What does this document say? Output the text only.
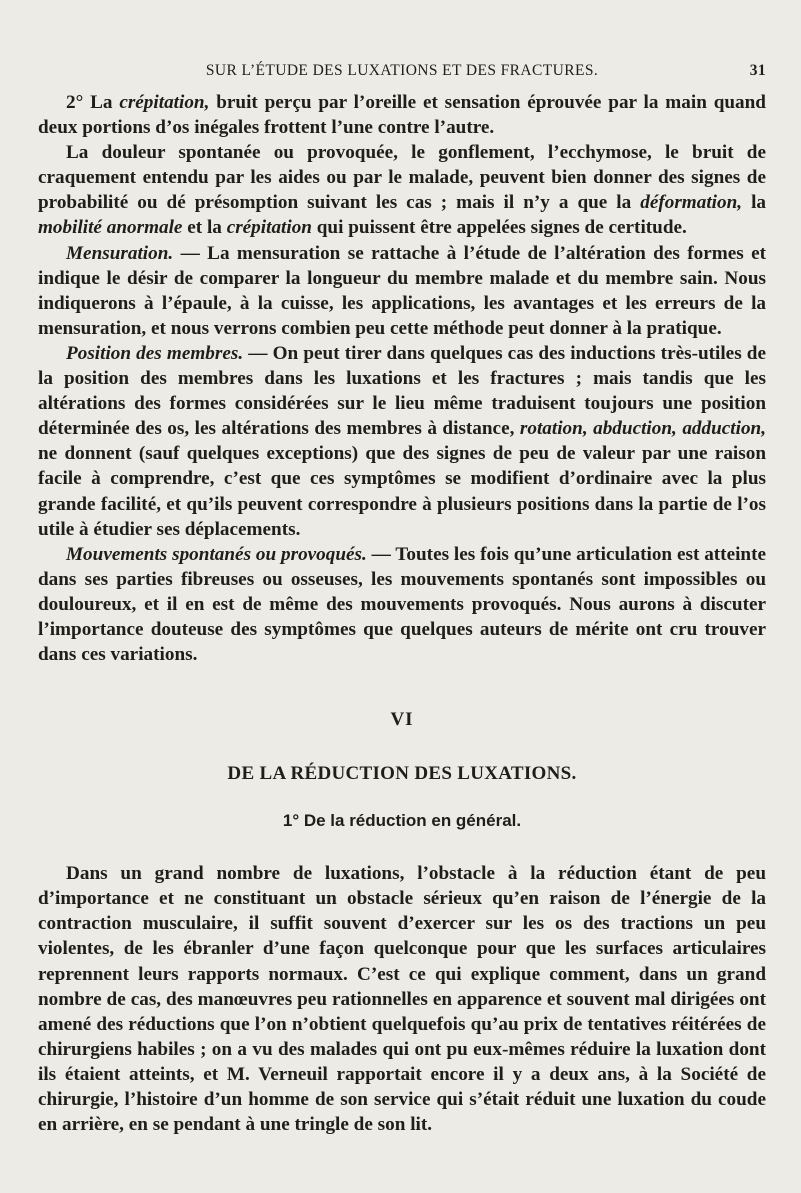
SUR L’ÉTUDE DES LUXATIONS ET DES FRACTURES.	31

2° La crépitation, bruit perçu par l’oreille et sensation éprouvée par la main quand deux portions d’os inégales frottent l’une contre l’autre.

La douleur spontanée ou provoquée, le gonflement, l’ecchymose, le bruit de craquement entendu par les aides ou par le malade, peuvent bien donner des signes de probabilité ou dé présomption suivant les cas ; mais il n’y a que la déformation, la mobilité anormale et la crépitation qui puissent être appelées signes de certitude.

Mensuration. — La mensuration se rattache à l’étude de l’altération des formes et indique le désir de comparer la longueur du membre malade et du membre sain. Nous indiquerons à l’épaule, à la cuisse, les applications, les avantages et les erreurs de la mensuration, et nous verrons combien peu cette méthode peut donner à la pratique.

Position des membres. — On peut tirer dans quelques cas des inductions très-utiles de la position des membres dans les luxations et les fractures ; mais tandis que les altérations des formes considérées sur le lieu même traduisent toujours une position déterminée des os, les altérations des membres à distance, rotation, abduction, adduction, ne donnent (sauf quelques exceptions) que des signes de peu de valeur par une raison facile à comprendre, c’est que ces symptômes se modifient d’ordinaire avec la plus grande facilité, et qu’ils peuvent correspondre à plusieurs positions dans la partie de l’os utile à étudier ses déplacements.

Mouvements spontanés ou provoqués. — Toutes les fois qu’une articulation est atteinte dans ses parties fibreuses ou osseuses, les mouvements spontanés sont impossibles ou douloureux, et il en est de même des mouvements provoqués. Nous aurons à discuter l’importance douteuse des symptômes que quelques auteurs de mérite ont cru trouver dans ces variations.

VI
DE LA RÉDUCTION DES LUXATIONS.
1° De la réduction en général.

Dans un grand nombre de luxations, l’obstacle à la réduction étant de peu d’importance et ne constituant un obstacle sérieux qu’en raison de l’énergie de la contraction musculaire, il suffit souvent d’exercer sur les os des tractions un peu violentes, de les ébranler d’une façon quelconque pour que les surfaces articulaires reprennent leurs rapports normaux. C’est ce qui explique comment, dans un grand nombre de cas, des manœuvres peu rationnelles en apparence et souvent mal dirigées ont amené des réductions que l’on n’obtient quelquefois qu’au prix de tentatives réitérées de chirurgiens habiles ; on a vu des malades qui ont pu eux-mêmes réduire la luxation dont ils étaient atteints, et M. Verneuil rapportait encore il y a deux ans, à la Société de chirurgie, l’histoire d’un homme de son service qui s’était réduit une luxation du coude en arrière, en se pendant à une tringle de son lit.
